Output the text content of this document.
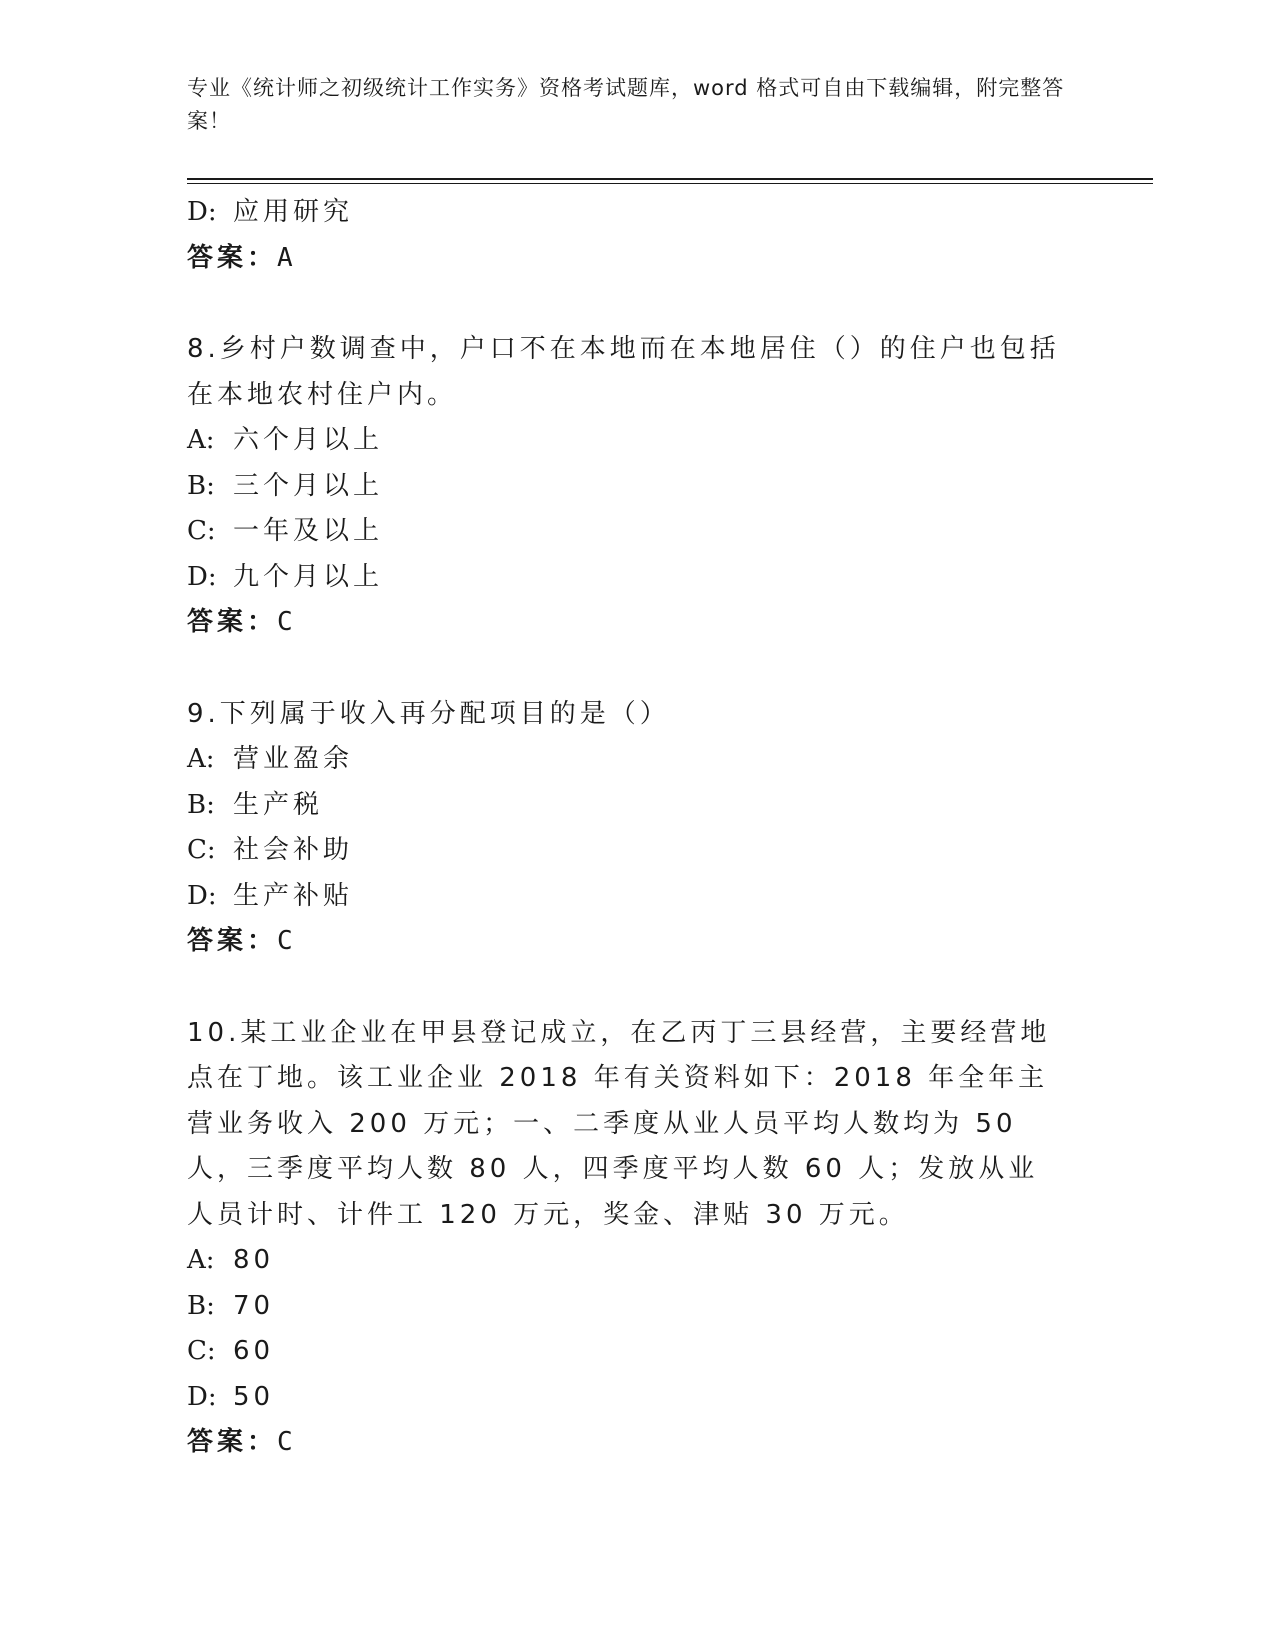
专业《统计师之初级统计工作实务》资格考试题库，word 格式可自由下载编辑，附完整答案！
D: 应用研究
答案：A
8.乡村户数调查中，户口不在本地而在本地居住（）的住户也包括在本地农村住户内。
A: 六个月以上
B: 三个月以上
C: 一年及以上
D: 九个月以上
答案：C
9.下列属于收入再分配项目的是（）
A: 营业盈余
B: 生产税
C: 社会补助
D: 生产补贴
答案：C
10.某工业企业在甲县登记成立，在乙丙丁三县经营，主要经营地点在丁地。该工业企业 2018 年有关资料如下：2018 年全年主营业务收入 200 万元；一、二季度从业人员平均人数均为 50 人，三季度平均人数 80 人，四季度平均人数 60 人；发放从业人员计时、计件工 120 万元，奖金、津贴 30 万元。
A: 80
B: 70
C: 60
D: 50
答案：C
